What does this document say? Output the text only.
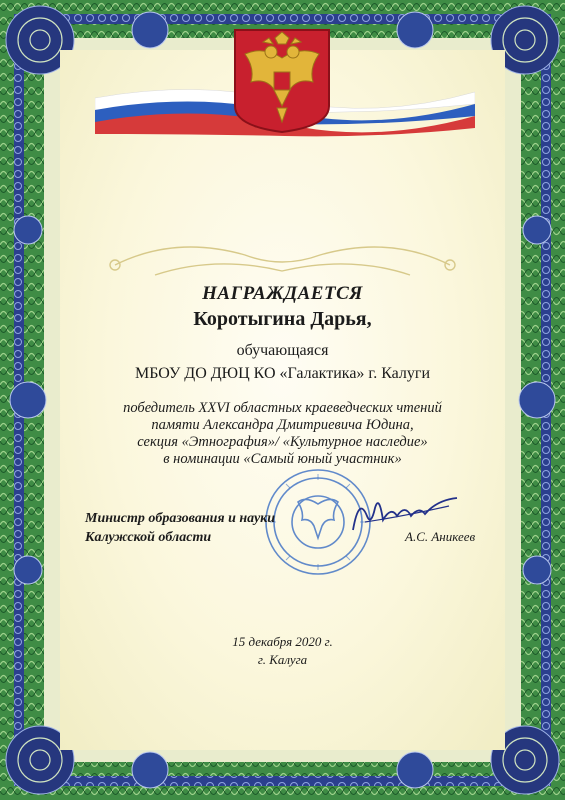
НАГРАЖДАЕТСЯ

Коротыгина Дарья,

обучающаяся

МБОУ ДО ДЮЦ КО «Галактика» г. Калуги

победитель XXVI областных краеведческих чтений
памяти Александра Дмитриевича Юдина,
секция «Этнография»/ «Культурное наследие»
в номинации «Самый юный участник»
Министр образования и науки
Калужской области	А.С. Аникеев

15 декабря 2020 г.

г. Калуга
